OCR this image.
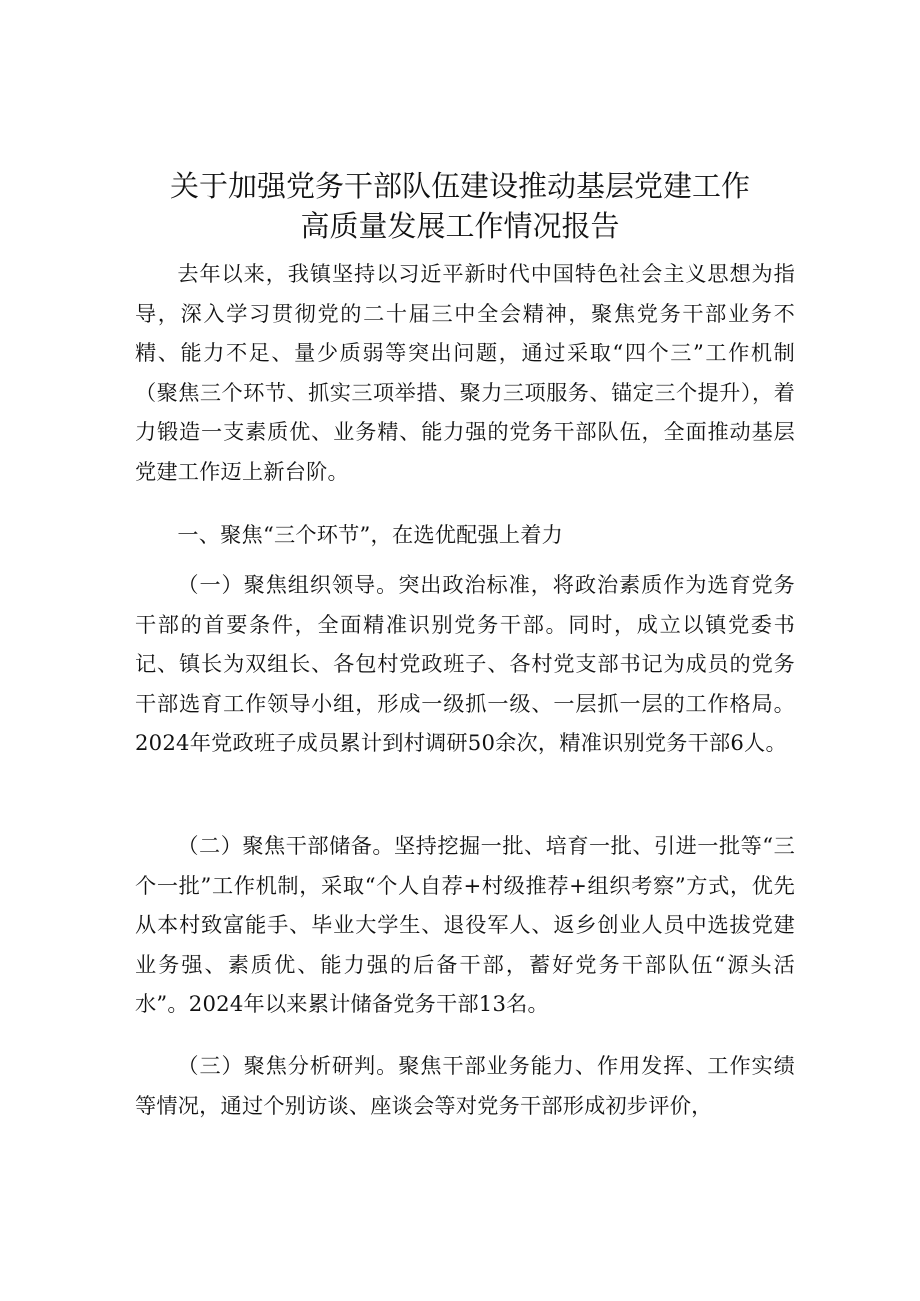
关于加强党务干部队伍建设推动基层党建工作
高质量发展工作情况报告

去年以来，我镇坚持以习近平新时代中国特色社会主义思想为指导，深入学习贯彻党的二十届三中全会精神，聚焦党务干部业务不精、能力不足、量少质弱等突出问题，通过采取“四个三”工作机制（聚焦三个环节、抓实三项举措、聚力三项服务、锚定三个提升），着力锻造一支素质优、业务精、能力强的党务干部队伍，全面推动基层党建工作迈上新台阶。

一、聚焦“三个环节”，在选优配强上着力

（一）聚焦组织领导。突出政治标准，将政治素质作为选育党务干部的首要条件，全面精准识别党务干部。同时，成立以镇党委书记、镇长为双组长、各包村党政班子、各村党支部书记为成员的党务干部选育工作领导小组，形成一级抓一级、一层抓一层的工作格局。2024年党政班子成员累计到村调研50余次，精准识别党务干部6人。

（二）聚焦干部储备。坚持挖掘一批、培育一批、引进一批等“三个一批”工作机制，采取“个人自荐+村级推荐+组织考察”方式，优先从本村致富能手、毕业大学生、退役军人、返乡创业人员中选拔党建业务强、素质优、能力强的后备干部，蓄好党务干部队伍“源头活水”。2024年以来累计储备党务干部13名。

（三）聚焦分析研判。聚焦干部业务能力、作用发挥、工作实绩等情况，通过个别访谈、座谈会等对党务干部形成初步评价，
